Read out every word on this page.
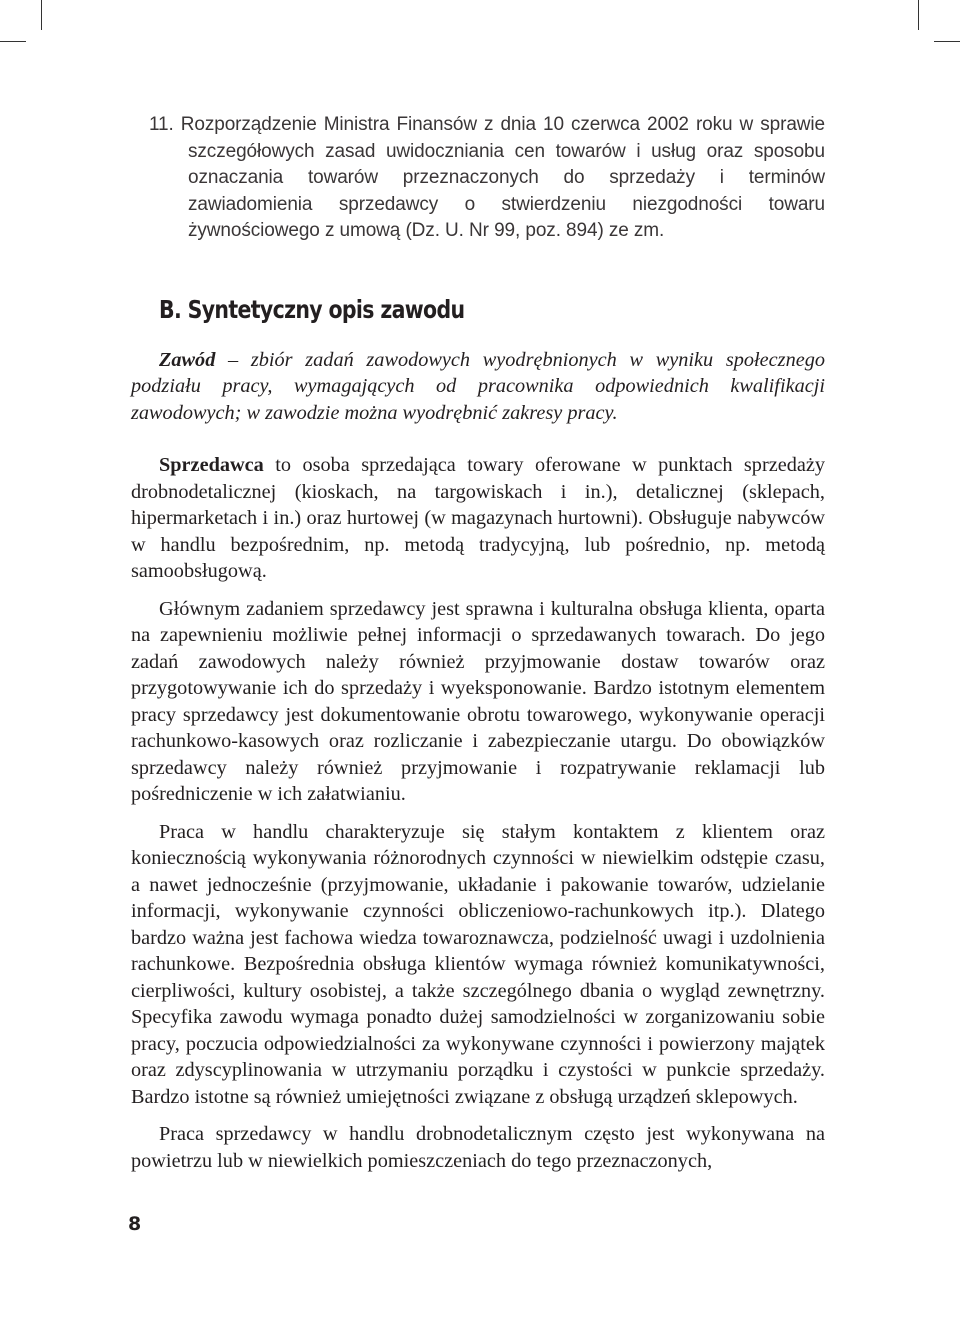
11. Rozporządzenie Ministra Finansów z dnia 10 czerwca 2002 roku w sprawie szczegółowych zasad uwidoczniania cen towarów i usług oraz sposobu oznaczania towarów przeznaczonych do sprzedaży i terminów zawiadomienia sprzedawcy o stwierdzeniu niezgodności towaru żywnościowego z umową (Dz. U. Nr 99, poz. 894) ze zm.

B. Syntetyczny opis zawodu

Zawód – zbiór zadań zawodowych wyodrębnionych w wyniku społecznego podziału pracy, wymagających od pracownika odpowiednich kwalifikacji zawodowych; w zawodzie można wyodrębnić zakresy pracy.

Sprzedawca to osoba sprzedająca towary oferowane w punktach sprzedaży drobnodetalicznej (kioskach, na targowiskach i in.), detalicznej (sklepach, hipermarketach i in.) oraz hurtowej (w magazynach hurtowni). Obsługuje nabywców w handlu bezpośrednim, np. metodą tradycyjną, lub pośrednio, np. metodą samoobsługową.

Głównym zadaniem sprzedawcy jest sprawna i kulturalna obsługa klienta, oparta na zapewnieniu możliwie pełnej informacji o sprzedawanych towarach. Do jego zadań zawodowych należy również przyjmowanie dostaw towarów oraz przygotowywanie ich do sprzedaży i wyeksponowanie. Bardzo istotnym elementem pracy sprzedawcy jest dokumentowanie obrotu towarowego, wykonywanie operacji rachunkowo-kasowych oraz rozliczanie i zabezpieczanie utargu. Do obowiązków sprzedawcy należy również przyjmowanie i rozpatrywanie reklamacji lub pośredniczenie w ich załatwianiu.

Praca w handlu charakteryzuje się stałym kontaktem z klientem oraz koniecznością wykonywania różnorodnych czynności w niewielkim odstępie czasu, a nawet jednocześnie (przyjmowanie, układanie i pakowanie towarów, udzielanie informacji, wykonywanie czynności obliczeniowo-rachunkowych itp.). Dlatego bardzo ważna jest fachowa wiedza towaroznawcza, podzielność uwagi i uzdolnienia rachunkowe. Bezpośrednia obsługa klientów wymaga również komunikatywności, cierpliwości, kultury osobistej, a także szczególnego dbania o wygląd zewnętrzny. Specyfika zawodu wymaga ponadto dużej samodzielności w zorganizowaniu sobie pracy, poczucia odpowiedzialności za wykonywane czynności i powierzony majątek oraz zdyscyplinowania w utrzymaniu porządku i czystości w punkcie sprzedaży. Bardzo istotne są również umiejętności związane z obsługą urządzeń sklepowych.

Praca sprzedawcy w handlu drobnodetalicznym często jest wykonywana na powietrzu lub w niewielkich pomieszczeniach do tego przeznaczonych,

8
